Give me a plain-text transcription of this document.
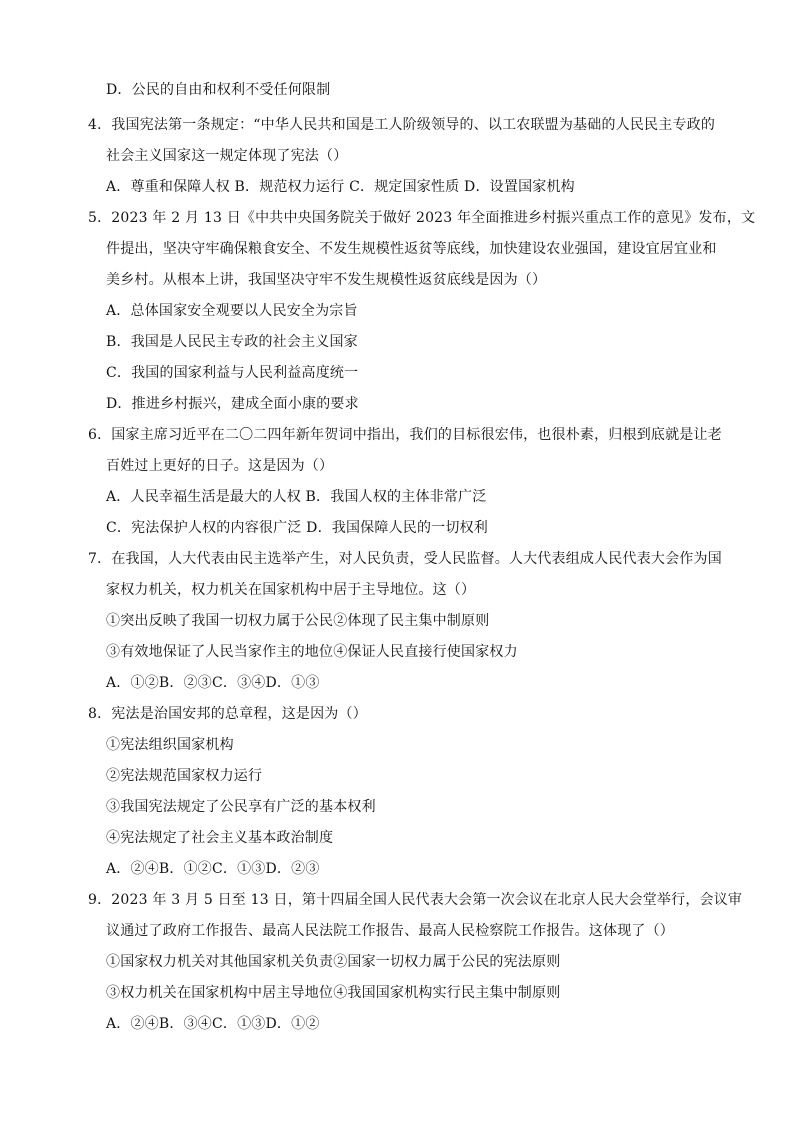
D．公民的自由和权利不受任何限制
4．我国宪法第一条规定：“中华人民共和国是工人阶级领导的、以工农联盟为基础的人民民主专政的
社会主义国家这一规定体现了宪法（）
A．尊重和保障人权 B．规范权力运行 C．规定国家性质 D．设置国家机构
5．2023 年 2 月 13 日《中共中央国务院关于做好 2023 年全面推进乡村振兴重点工作的意见》发布，文
件提出，坚决守牢确保粮食安全、不发生规模性返贫等底线，加快建设农业强国，建设宜居宜业和
美乡村。从根本上讲，我国坚决守牢不发生规模性返贫底线是因为（）
A．总体国家安全观要以人民安全为宗旨
B．我国是人民民主专政的社会主义国家
C．我国的国家利益与人民利益高度统一
D．推进乡村振兴，建成全面小康的要求
6．国家主席习近平在二〇二四年新年贺词中指出，我们的目标很宏伟，也很朴素，归根到底就是让老
百姓过上更好的日子。这是因为（）
A．人民幸福生活是最大的人权 B．我国人权的主体非常广泛
C．宪法保护人权的内容很广泛 D．我国保障人民的一切权利
7．在我国，人大代表由民主选举产生，对人民负责，受人民监督。人大代表组成人民代表大会作为国
家权力机关，权力机关在国家机构中居于主导地位。这（）
①突出反映了我国一切权力属于公民②体现了民主集中制原则
③有效地保证了人民当家作主的地位④保证人民直接行使国家权力
A．①②B．②③C．③④D．①③
8．宪法是治国安邦的总章程，这是因为（）
①宪法组织国家机构
②宪法规范国家权力运行
③我国宪法规定了公民享有广泛的基本权利
④宪法规定了社会主义基本政治制度
A．②④B．①②C．①③D．②③
9．2023 年 3 月 5 日至 13 日，第十四届全国人民代表大会第一次会议在北京人民大会堂举行，会议审
议通过了政府工作报告、最高人民法院工作报告、最高人民检察院工作报告。这体现了（）
①国家权力机关对其他国家机关负责②国家一切权力属于公民的宪法原则
③权力机关在国家机构中居主导地位④我国国家机构实行民主集中制原则
A．②④B．③④C．①③D．①②
